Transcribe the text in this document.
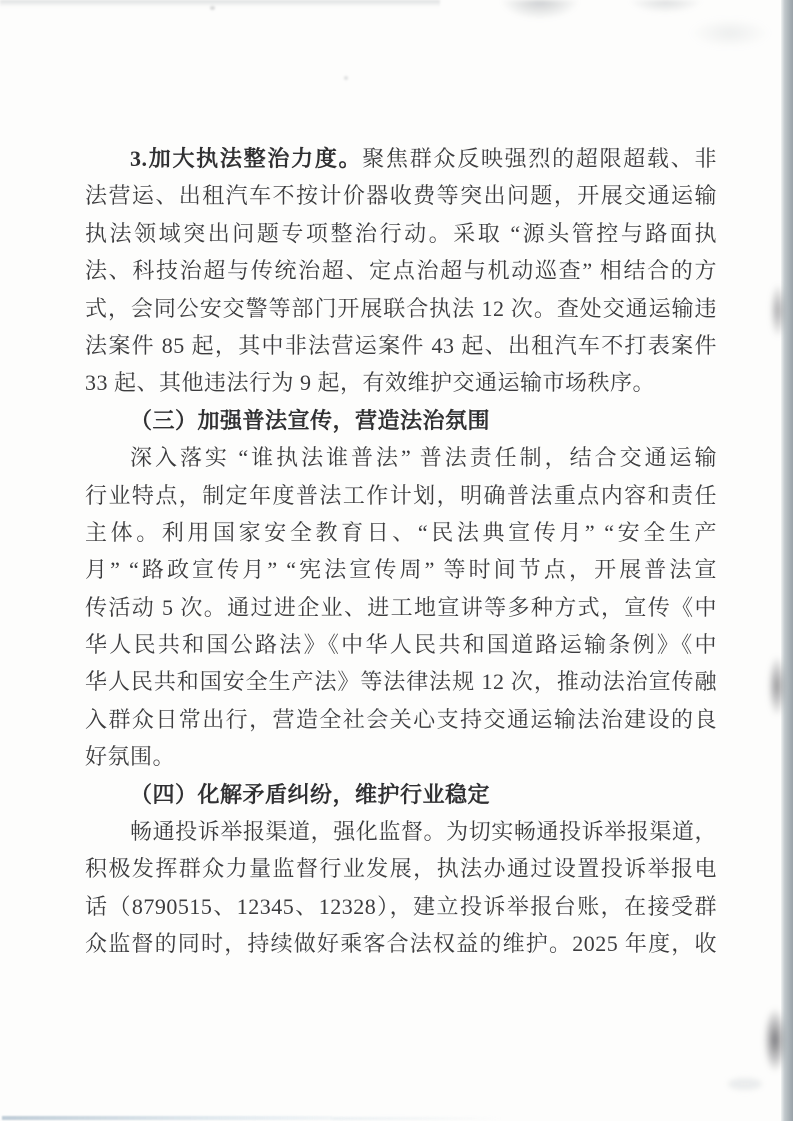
3.加大执法整治力度。聚焦群众反映强烈的超限超载、非
法营运、出租汽车不按计价器收费等突出问题，开展交通运输
执法领域突出问题专项整治行动。采取 “源头管控与路面执
法、科技治超与传统治超、定点治超与机动巡查” 相结合的方
式，会同公安交警等部门开展联合执法 12 次。查处交通运输违
法案件 85 起，其中非法营运案件 43 起、出租汽车不打表案件
33 起、其他违法行为 9 起，有效维护交通运输市场秩序。
（三）加强普法宣传，营造法治氛围
深入落实 “谁执法谁普法” 普法责任制，结合交通运输
行业特点，制定年度普法工作计划，明确普法重点内容和责任
主体。利用国家安全教育日、“民法典宣传月” “安全生产
月” “路政宣传月” “宪法宣传周” 等时间节点，开展普法宣
传活动 5 次。通过进企业、进工地宣讲等多种方式，宣传《中
华人民共和国公路法》《中华人民共和国道路运输条例》《中
华人民共和国安全生产法》等法律法规 12 次，推动法治宣传融
入群众日常出行，营造全社会关心支持交通运输法治建设的良
好氛围。
（四）化解矛盾纠纷，维护行业稳定
畅通投诉举报渠道，强化监督。为切实畅通投诉举报渠道，
积极发挥群众力量监督行业发展，执法办通过设置投诉举报电
话（8790515、12345、12328），建立投诉举报台账，在接受群
众监督的同时，持续做好乘客合法权益的维护。2025 年度，收
